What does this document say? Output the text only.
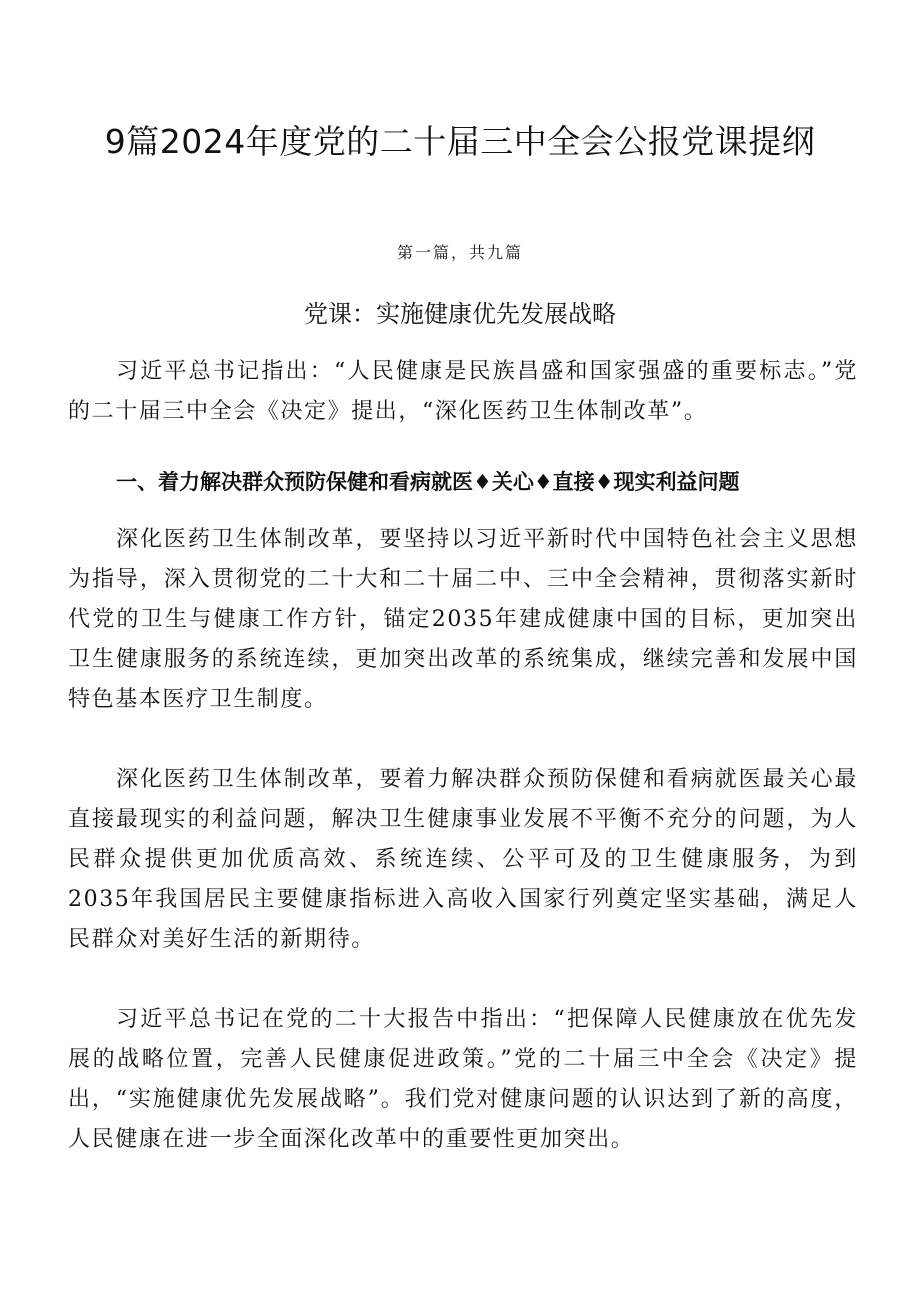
9篇2024年度党的二十届三中全会公报党课提纲
第一篇，共九篇
党课：实施健康优先发展战略

习近平总书记指出：“人民健康是民族昌盛和国家强盛的重要标志。”党的二十届三中全会《决定》提出，“深化医药卫生体制改革”。

一、着力解决群众预防保健和看病就医♦关心♦直接♦现实利益问题

深化医药卫生体制改革，要坚持以习近平新时代中国特色社会主义思想为指导，深入贯彻党的二十大和二十届二中、三中全会精神，贯彻落实新时代党的卫生与健康工作方针，锚定2035年建成健康中国的目标，更加突出卫生健康服务的系统连续，更加突出改革的系统集成，继续完善和发展中国特色基本医疗卫生制度。

深化医药卫生体制改革，要着力解决群众预防保健和看病就医最关心最直接最现实的利益问题，解决卫生健康事业发展不平衡不充分的问题，为人民群众提供更加优质高效、系统连续、公平可及的卫生健康服务，为到2035年我国居民主要健康指标进入高收入国家行列奠定坚实基础，满足人民群众对美好生活的新期待。

习近平总书记在党的二十大报告中指出：“把保障人民健康放在优先发展的战略位置，完善人民健康促进政策。”党的二十届三中全会《决定》提出，“实施健康优先发展战略”。我们党对健康问题的认识达到了新的高度，人民健康在进一步全面深化改革中的重要性更加突出。
